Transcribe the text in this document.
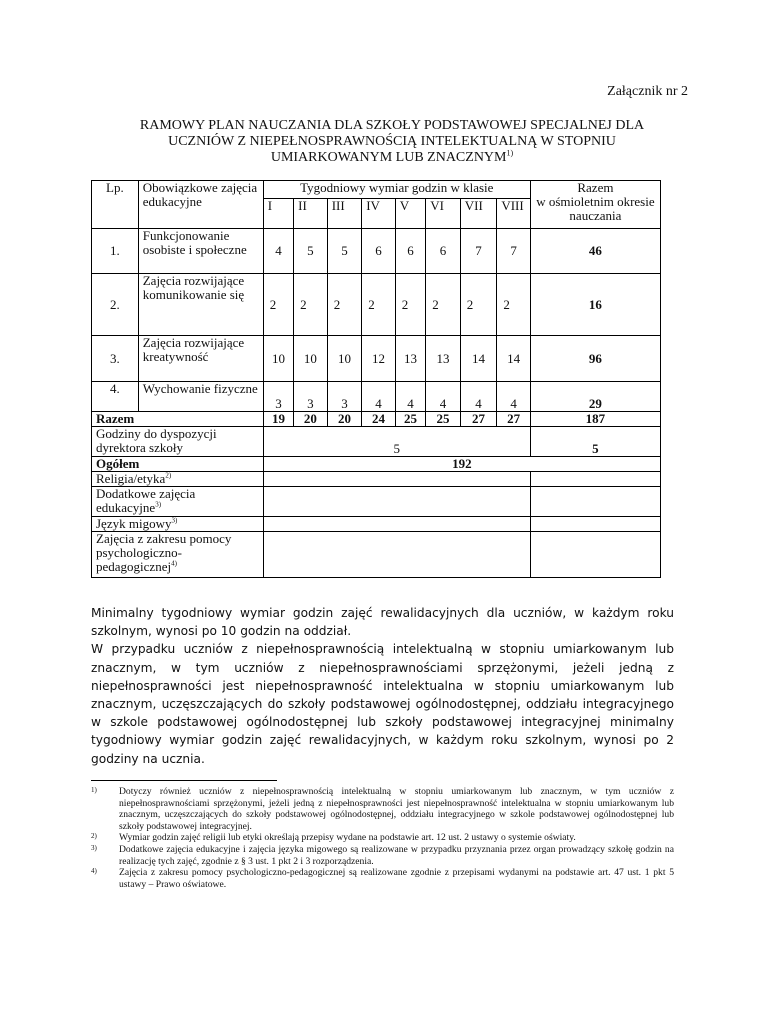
Załącznik nr 2
RAMOWY PLAN NAUCZANIA DLA SZKOŁY PODSTAWOWEJ SPECJALNEJ DLA
UCZNIÓW Z NIEPEŁNOSPRAWNOŚCIĄ INTELEKTUALNĄ W STOPNIU
UMIARKOWANYM LUB ZNACZNYM$^{1)}$
Lp.	Obowiązkowe zajęcia edukacyjne	Tygodniowy wymiar godzin w klasie								Razem
w ośmioletnim okresie nauczania

		I	II	III	IV	V	VI	VII	VIII	
1.	Funkcjonowanie osobiste i społeczne	4	5	5	6	6	6	7	7	46
2.	Zajęcia rozwijające komunikowanie się	2	2	2	2	2	2	2	2	16
3.	Zajęcia rozwijające kreatywność	10	10	10	12	13	13	14	14	96
4.	Wychowanie fizyczne	3	3	3	4	4	4	4	4	29
Razem		19	20	20	24	25	25	27	27	187
Godziny do dyspozycji dyrektora szkoły		5								5
Ogółem		192								
Religia/etyka$^{2)}$		
Dodatkowe zajęcia edukacyjne$^{3)}$		
Język migowy$^{3)}$		
Zajęcia z zakresu pomocy psychologiczno-pedagogicznej$^{4)}$		

Minimalny tygodniowy wymiar godzin zajęć rewalidacyjnych dla uczniów, w każdym roku szkolnym, wynosi po 10 godzin na oddział.

W przypadku uczniów z niepełnosprawnością intelektualną w stopniu umiarkowanym lub znacznym, w tym uczniów z niepełnosprawnościami sprzężonymi, jeżeli jedną z niepełnosprawności jest niepełnosprawność intelektualna w stopniu umiarkowanym lub znacznym, uczęszczających do szkoły podstawowej ogólnodostępnej, oddziału integracyjnego w szkole podstawowej ogólnodostępnej lub szkoły podstawowej integracyjnej minimalny tygodniowy wymiar godzin zajęć rewalidacyjnych, w każdym roku szkolnym, wynosi po 2 godziny na ucznia.

1)	Dotyczy również uczniów z niepełnosprawnością intelektualną w stopniu umiarkowanym lub znacznym, w tym uczniów z niepełnosprawnościami sprzężonymi, jeżeli jedną z niepełnosprawności jest niepełnosprawność intelektualna w stopniu umiarkowanym lub znacznym, uczęszczających do szkoły podstawowej ogólnodostępnej, oddziału integracyjnego w szkole podstawowej ogólnodostępnej lub szkoły podstawowej integracyjnej.
2)	Wymiar godzin zajęć religii lub etyki określają przepisy wydane na podstawie art. 12 ust. 2 ustawy o systemie oświaty.
3)	Dodatkowe zajęcia edukacyjne i zajęcia języka migowego są realizowane w przypadku przyznania przez organ prowadzący szkołę godzin na realizację tych zajęć, zgodnie z § 3 ust. 1 pkt 2 i 3 rozporządzenia.
4)	Zajęcia z zakresu pomocy psychologiczno-pedagogicznej są realizowane zgodnie z przepisami wydanymi na podstawie art. 47 ust. 1 pkt 5 ustawy – Prawo oświatowe.
